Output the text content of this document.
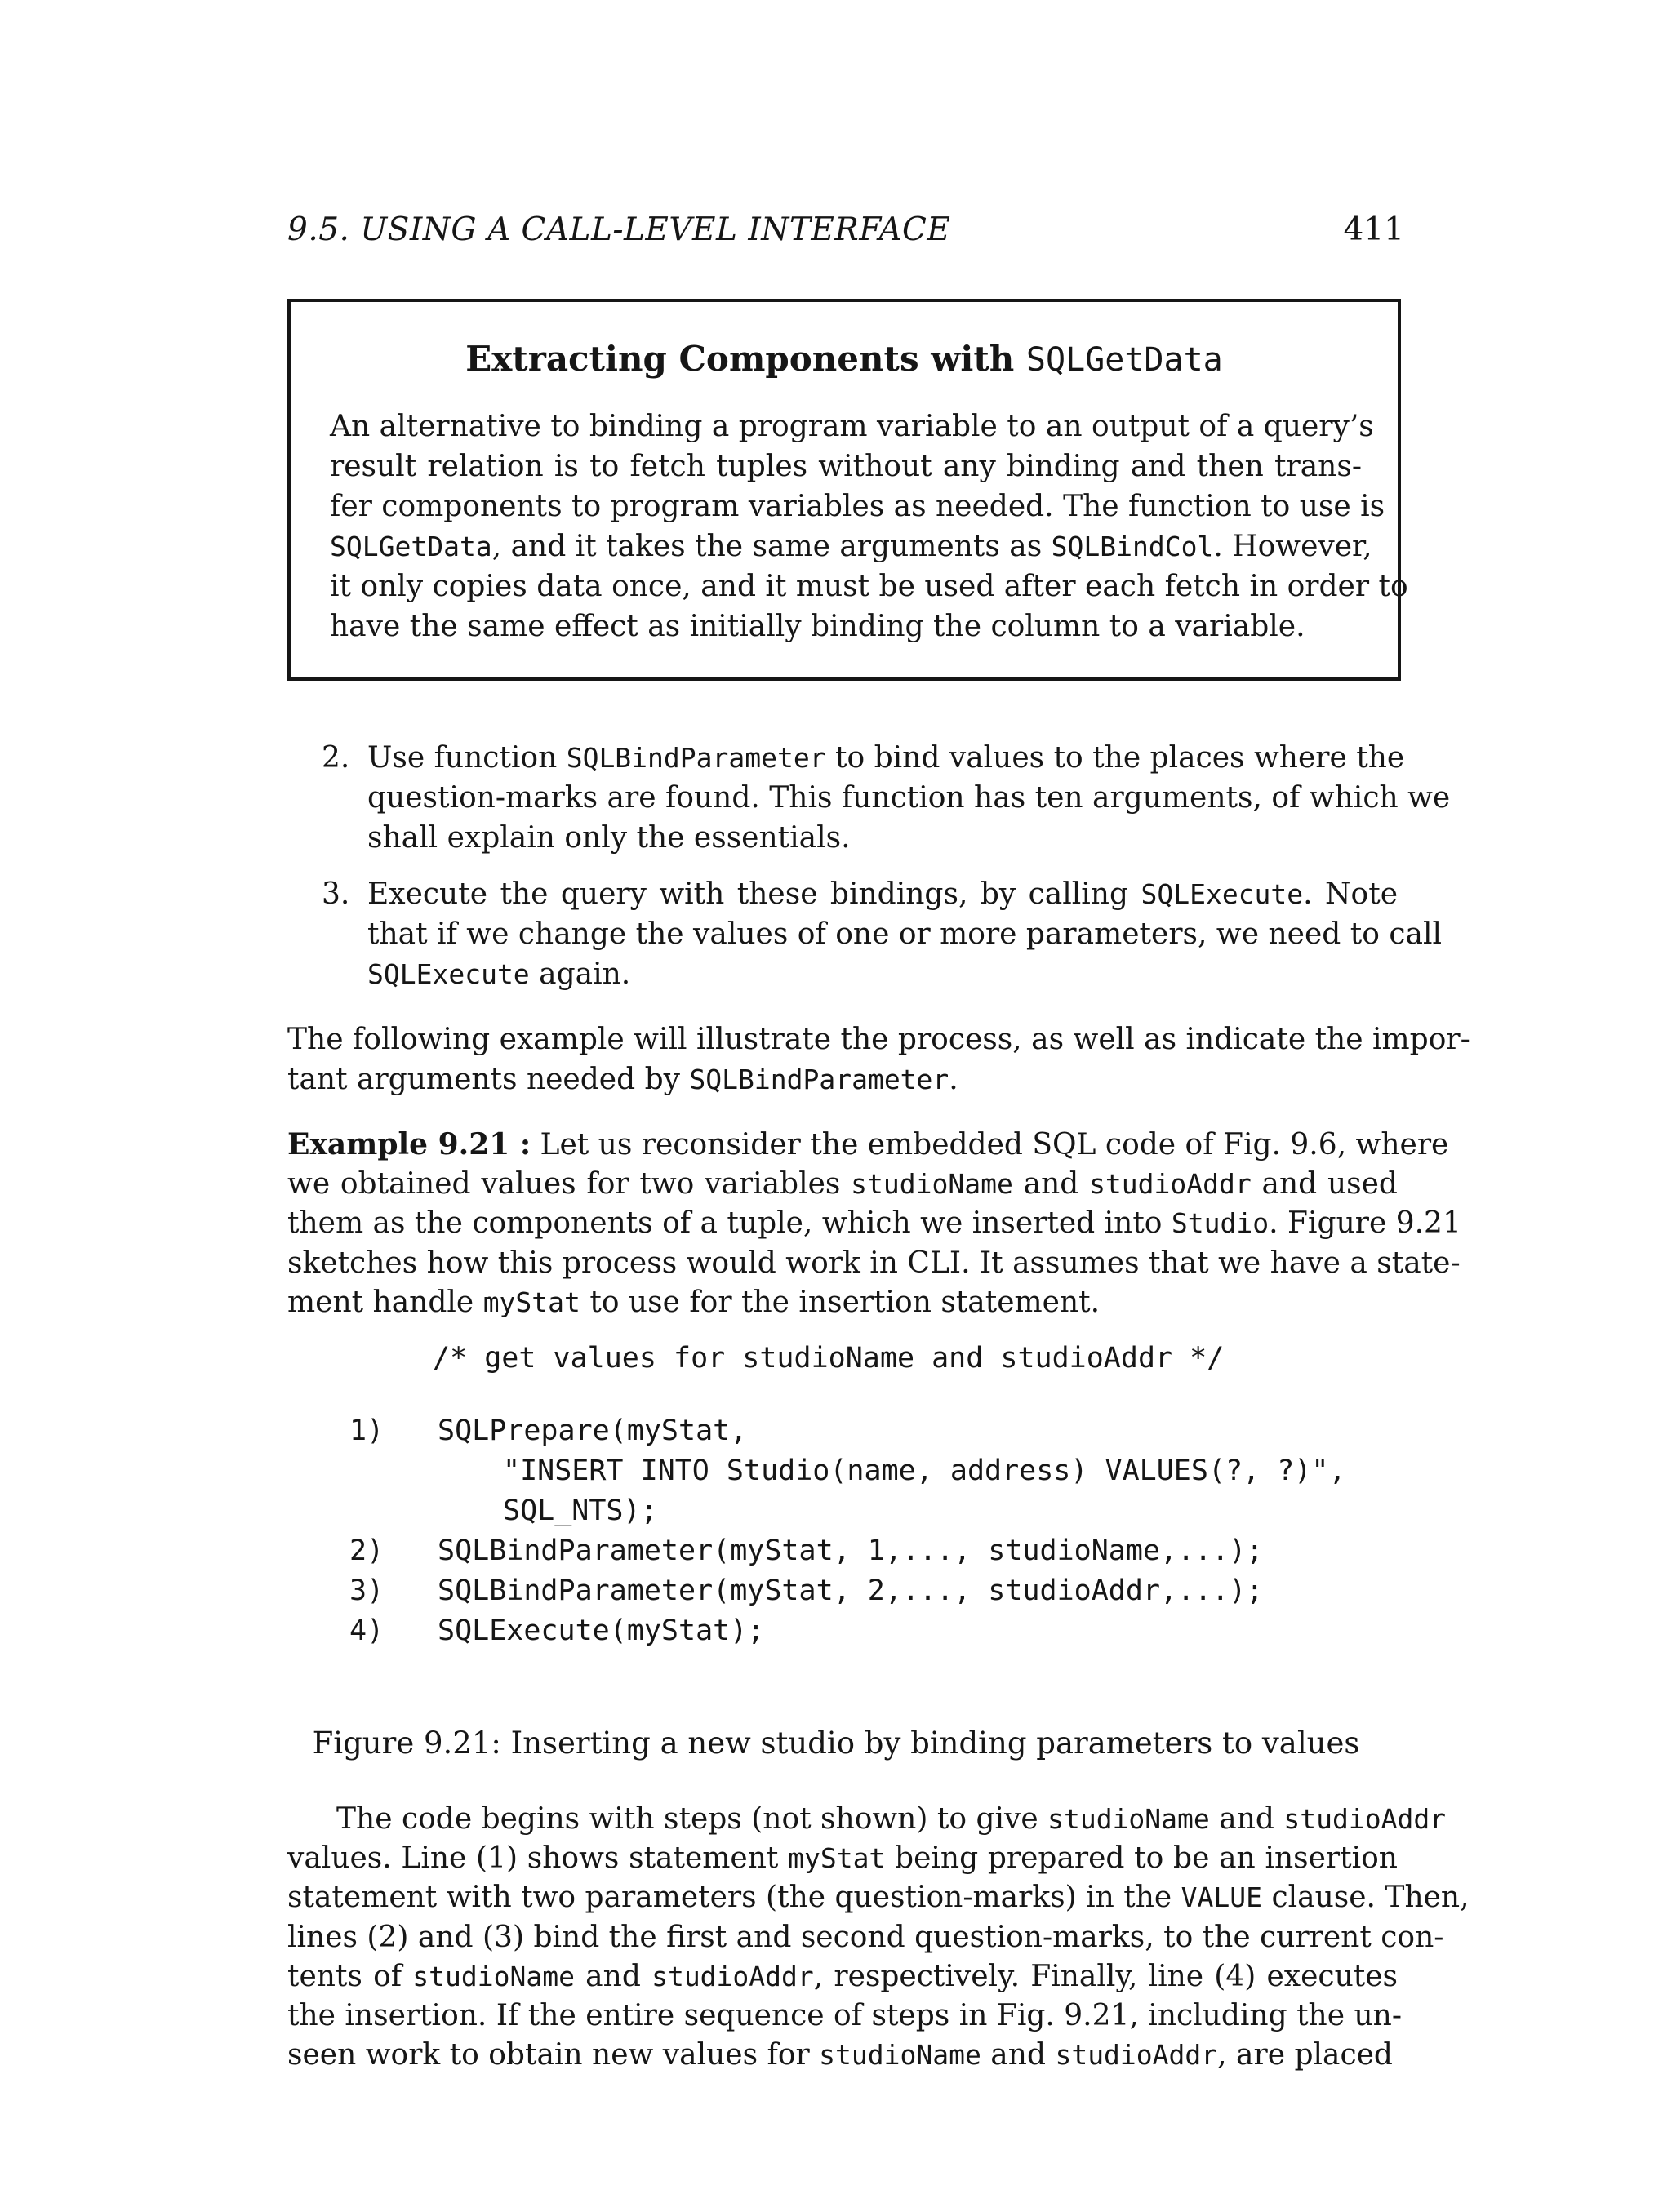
9.5. USING A CALL-LEVEL INTERFACE	411
Extracting Components with SQLGetData
An alternative to binding a program variable to an output of a query’s
result relation is to fetch tuples without any binding and then trans-
fer components to program variables as needed. The function to use is
SQLGetData, and it takes the same arguments as SQLBindCol. However,
it only copies data once, and it must be used after each fetch in order to
have the same effect as initially binding the column to a variable.
2. Use function SQLBindParameter to bind values to the places where the
question-marks are found. This function has ten arguments, of which we
shall explain only the essentials.
3. Execute the query with these bindings, by calling SQLExecute. Note
that if we change the values of one or more parameters, we need to call
SQLExecute again.
The following example will illustrate the process, as well as indicate the impor-
tant arguments needed by SQLBindParameter.
Example 9.21 : Let us reconsider the embedded SQL code of Fig. 9.6, where
we obtained values for two variables studioName and studioAddr and used
them as the components of a tuple, which we inserted into Studio. Figure 9.21
sketches how this process would work in CLI. It assumes that we have a state-
ment handle myStat to use for the insertion statement.

/* get values for studioName and studioAddr */

1) SQLPrepare(myStat,
"INSERT INTO Studio(name, address) VALUES(?, ?)",
SQL_NTS);
2) SQLBindParameter(myStat, 1,..., studioName,...);
3) SQLBindParameter(myStat, 2,..., studioAddr,...);
4) SQLExecute(myStat);
Figure 9.21: Inserting a new studio by binding parameters to values
The code begins with steps (not shown) to give studioName and studioAddr
values. Line (1) shows statement myStat being prepared to be an insertion
statement with two parameters (the question-marks) in the VALUE clause. Then,
lines (2) and (3) bind the first and second question-marks, to the current con-
tents of studioName and studioAddr, respectively. Finally, line (4) executes
the insertion. If the entire sequence of steps in Fig. 9.21, including the un-
seen work to obtain new values for studioName and studioAddr, are placed
